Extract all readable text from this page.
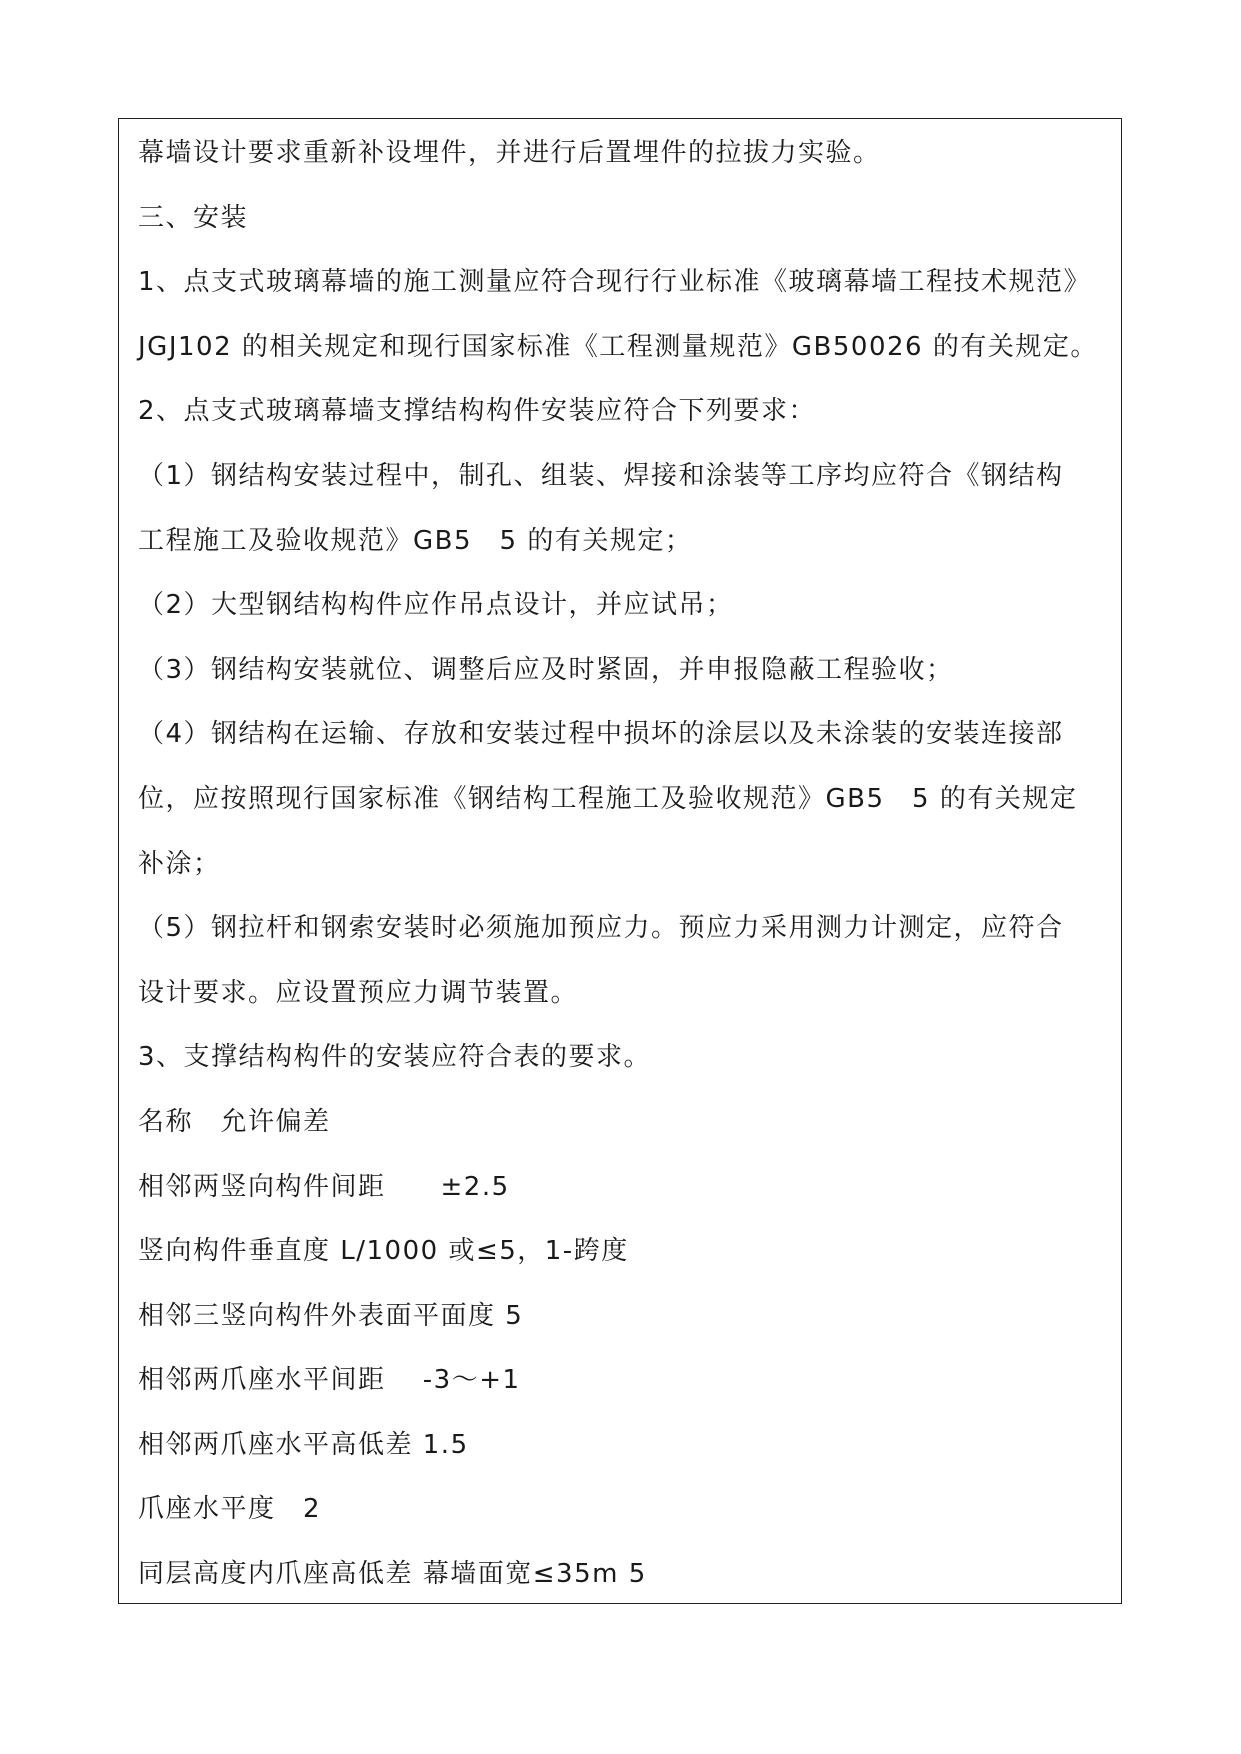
幕墙设计要求重新补设埋件，并进行后置埋件的拉拔力实验。
三、安装
1、点支式玻璃幕墙的施工测量应符合现行行业标准《玻璃幕墙工程技术规范》
JGJ102 的相关规定和现行国家标准《工程测量规范》GB50026 的有关规定。
2、点支式玻璃幕墙支撑结构构件安装应符合下列要求：
（1）钢结构安装过程中，制孔、组装、焊接和涂装等工序均应符合《钢结构
工程施工及验收规范》GB5　5 的有关规定；
（2）大型钢结构构件应作吊点设计，并应试吊；
（3）钢结构安装就位、调整后应及时紧固，并申报隐蔽工程验收；
（4）钢结构在运输、存放和安装过程中损坏的涂层以及未涂装的安装连接部
位，应按照现行国家标准《钢结构工程施工及验收规范》GB5　5 的有关规定
补涂；
（5）钢拉杆和钢索安装时必须施加预应力。预应力采用测力计测定，应符合
设计要求。应设置预应力调节装置。
3、支撑结构构件的安装应符合表的要求。
名称　允许偏差
相邻两竖向构件间距　　±2.5
竖向构件垂直度 L/1000 或≤5，1-跨度
相邻三竖向构件外表面平面度 5
相邻两爪座水平间距　 -3～+1
相邻两爪座水平高低差 1.5
爪座水平度　2
同层高度内爪座高低差 幕墙面宽≤35m 5
